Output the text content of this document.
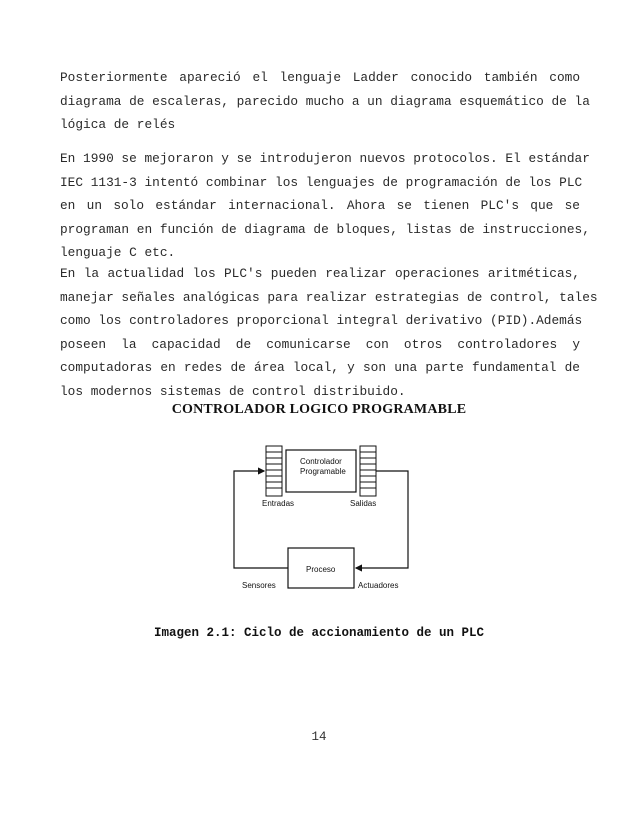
Posteriormente apareció el lenguaje Ladder conocido también como
diagrama de escaleras, parecido mucho a un diagrama esquemático de la
lógica de relés
En 1990 se mejoraron y se introdujeron nuevos protocolos. El estándar
IEC 1131-3 intentó combinar los lenguajes de programación de los PLC
en un solo estándar internacional. Ahora se tienen PLC's que se
programan en función de diagrama de bloques, listas de instrucciones,
lenguaje C etc.
En la actualidad los PLC's pueden realizar operaciones aritméticas,
manejar señales analógicas para realizar estrategias de control, tales
como los controladores proporcional integral derivativo (PID).Además
poseen la capacidad de comunicarse con otros controladores y
computadoras en redes de área local, y son una parte fundamental de
los modernos sistemas de control distribuido.
CONTROLADOR LOGICO PROGRAMABLE
Controlador
Programable
Entradas	Salidas
Proceso
Sensores	Actuadores
Imagen 2.1: Ciclo de accionamiento de un PLC
14
